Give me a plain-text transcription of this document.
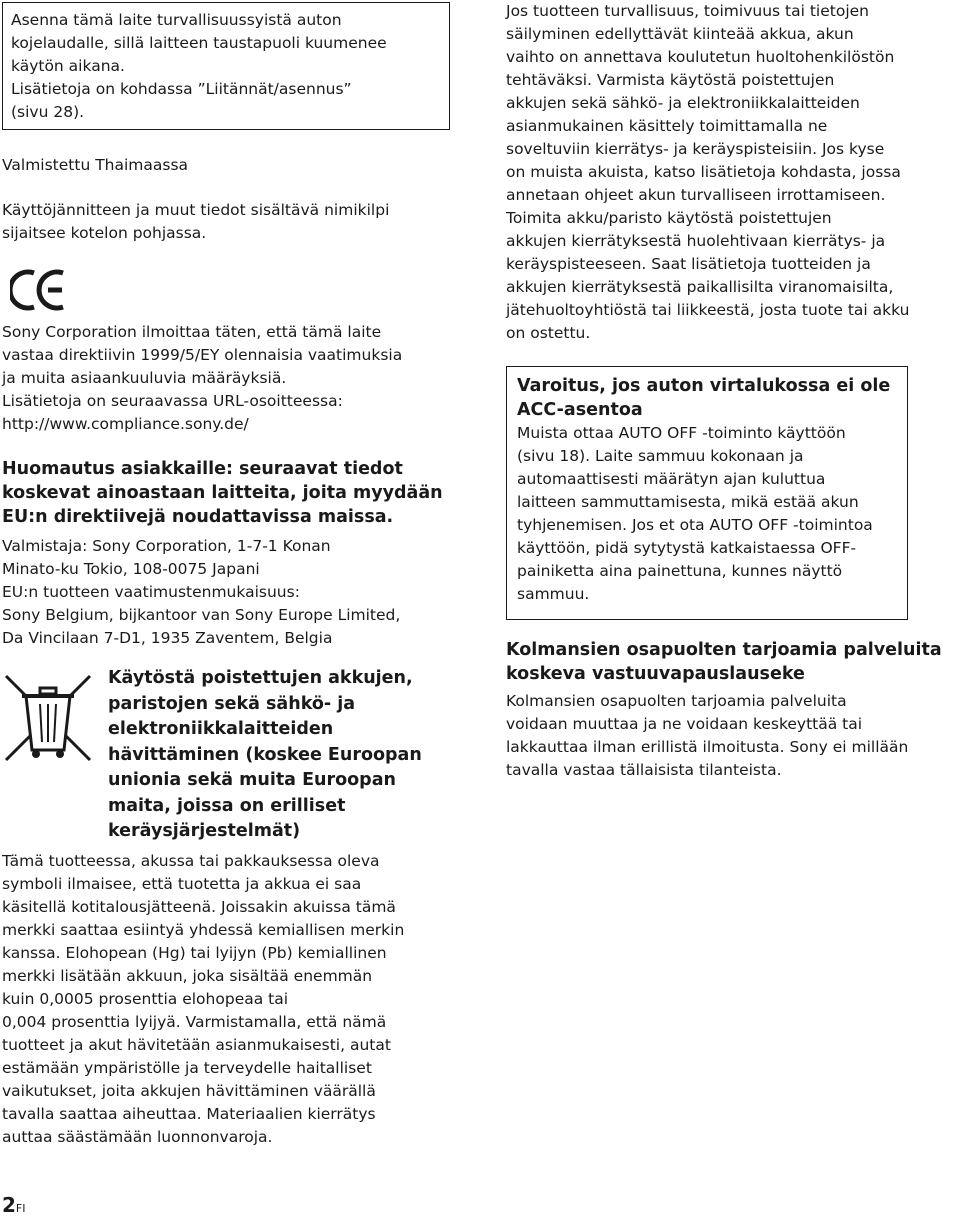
Asenna tämä laite turvallisuussyistä auton

kojelaudalle, sillä laitteen taustapuoli kuumenee

käytön aikana.

Lisätietoja on kohdassa ”Liitännät/asennus”

(sivu 28).

Valmistettu Thaimaassa

Käyttöjännitteen ja muut tiedot sisältävä nimikilpi

sijaitsee kotelon pohjassa.

Sony Corporation ilmoittaa täten, että tämä laite

vastaa direktiivin 1999/5/EY olennaisia vaatimuksia

ja muita asiaankuuluvia määräyksiä.

Lisätietoja on seuraavassa URL-osoitteessa:

http://www.compliance.sony.de/

Huomautus asiakkaille: seuraavat tiedot

koskevat ainoastaan laitteita, joita myydään

EU:n direktiivejä noudattavissa maissa.

Valmistaja: Sony Corporation, 1-7-1 Konan

Minato-ku Tokio, 108-0075 Japani

EU:n tuotteen vaatimustenmukaisuus:

Sony Belgium, bijkantoor van Sony Europe Limited,

Da Vincilaan 7-D1, 1935 Zaventem, Belgia

Käytöstä poistettujen akkujen,

paristojen sekä sähkö- ja

elektroniikkalaitteiden

hävittäminen (koskee Euroopan

unionia sekä muita Euroopan

maita, joissa on erilliset

keräysjärjestelmät)

Tämä tuotteessa, akussa tai pakkauksessa oleva

symboli ilmaisee, että tuotetta ja akkua ei saa

käsitellä kotitalousjätteenä. Joissakin akuissa tämä

merkki saattaa esiintyä yhdessä kemiallisen merkin

kanssa. Elohopean (Hg) tai lyijyn (Pb) kemiallinen

merkki lisätään akkuun, joka sisältää enemmän

kuin 0,0005 prosenttia elohopeaa tai

0,004 prosenttia lyijyä. Varmistamalla, että nämä

tuotteet ja akut hävitetään asianmukaisesti, autat

estämään ympäristölle ja terveydelle haitalliset

vaikutukset, joita akkujen hävittäminen väärällä

tavalla saattaa aiheuttaa. Materiaalien kierrätys

auttaa säästämään luonnonvaroja.

Jos tuotteen turvallisuus, toimivuus tai tietojen

säilyminen edellyttävät kiinteää akkua, akun

vaihto on annettava koulutetun huoltohenkilöstön

tehtäväksi. Varmista käytöstä poistettujen

akkujen sekä sähkö- ja elektroniikkalaitteiden

asianmukainen käsittely toimittamalla ne

soveltuviin kierrätys- ja keräyspisteisiin. Jos kyse

on muista akuista, katso lisätietoja kohdasta, jossa

annetaan ohjeet akun turvalliseen irrottamiseen.

Toimita akku/paristo käytöstä poistettujen

akkujen kierrätyksestä huolehtivaan kierrätys- ja

keräyspisteeseen. Saat lisätietoja tuotteiden ja

akkujen kierrätyksestä paikallisilta viranomaisilta,

jätehuoltoyhtiöstä tai liikkeestä, josta tuote tai akku

on ostettu.

Varoitus, jos auton virtalukossa ei ole

ACC-asentoa

Muista ottaa AUTO OFF -toiminto käyttöön

(sivu 18). Laite sammuu kokonaan ja

automaattisesti määrätyn ajan kuluttua

laitteen sammuttamisesta, mikä estää akun

tyhjenemisen. Jos et ota AUTO OFF -toimintoa

käyttöön, pidä sytytystä katkaistaessa OFF-

painiketta aina painettuna, kunnes näyttö

sammuu.

Kolmansien osapuolten tarjoamia palveluita

koskeva vastuuvapauslauseke

Kolmansien osapuolten tarjoamia palveluita

voidaan muuttaa ja ne voidaan keskeyttää tai

lakkauttaa ilman erillistä ilmoitusta. Sony ei millään

tavalla vastaa tällaisista tilanteista.

2FI
